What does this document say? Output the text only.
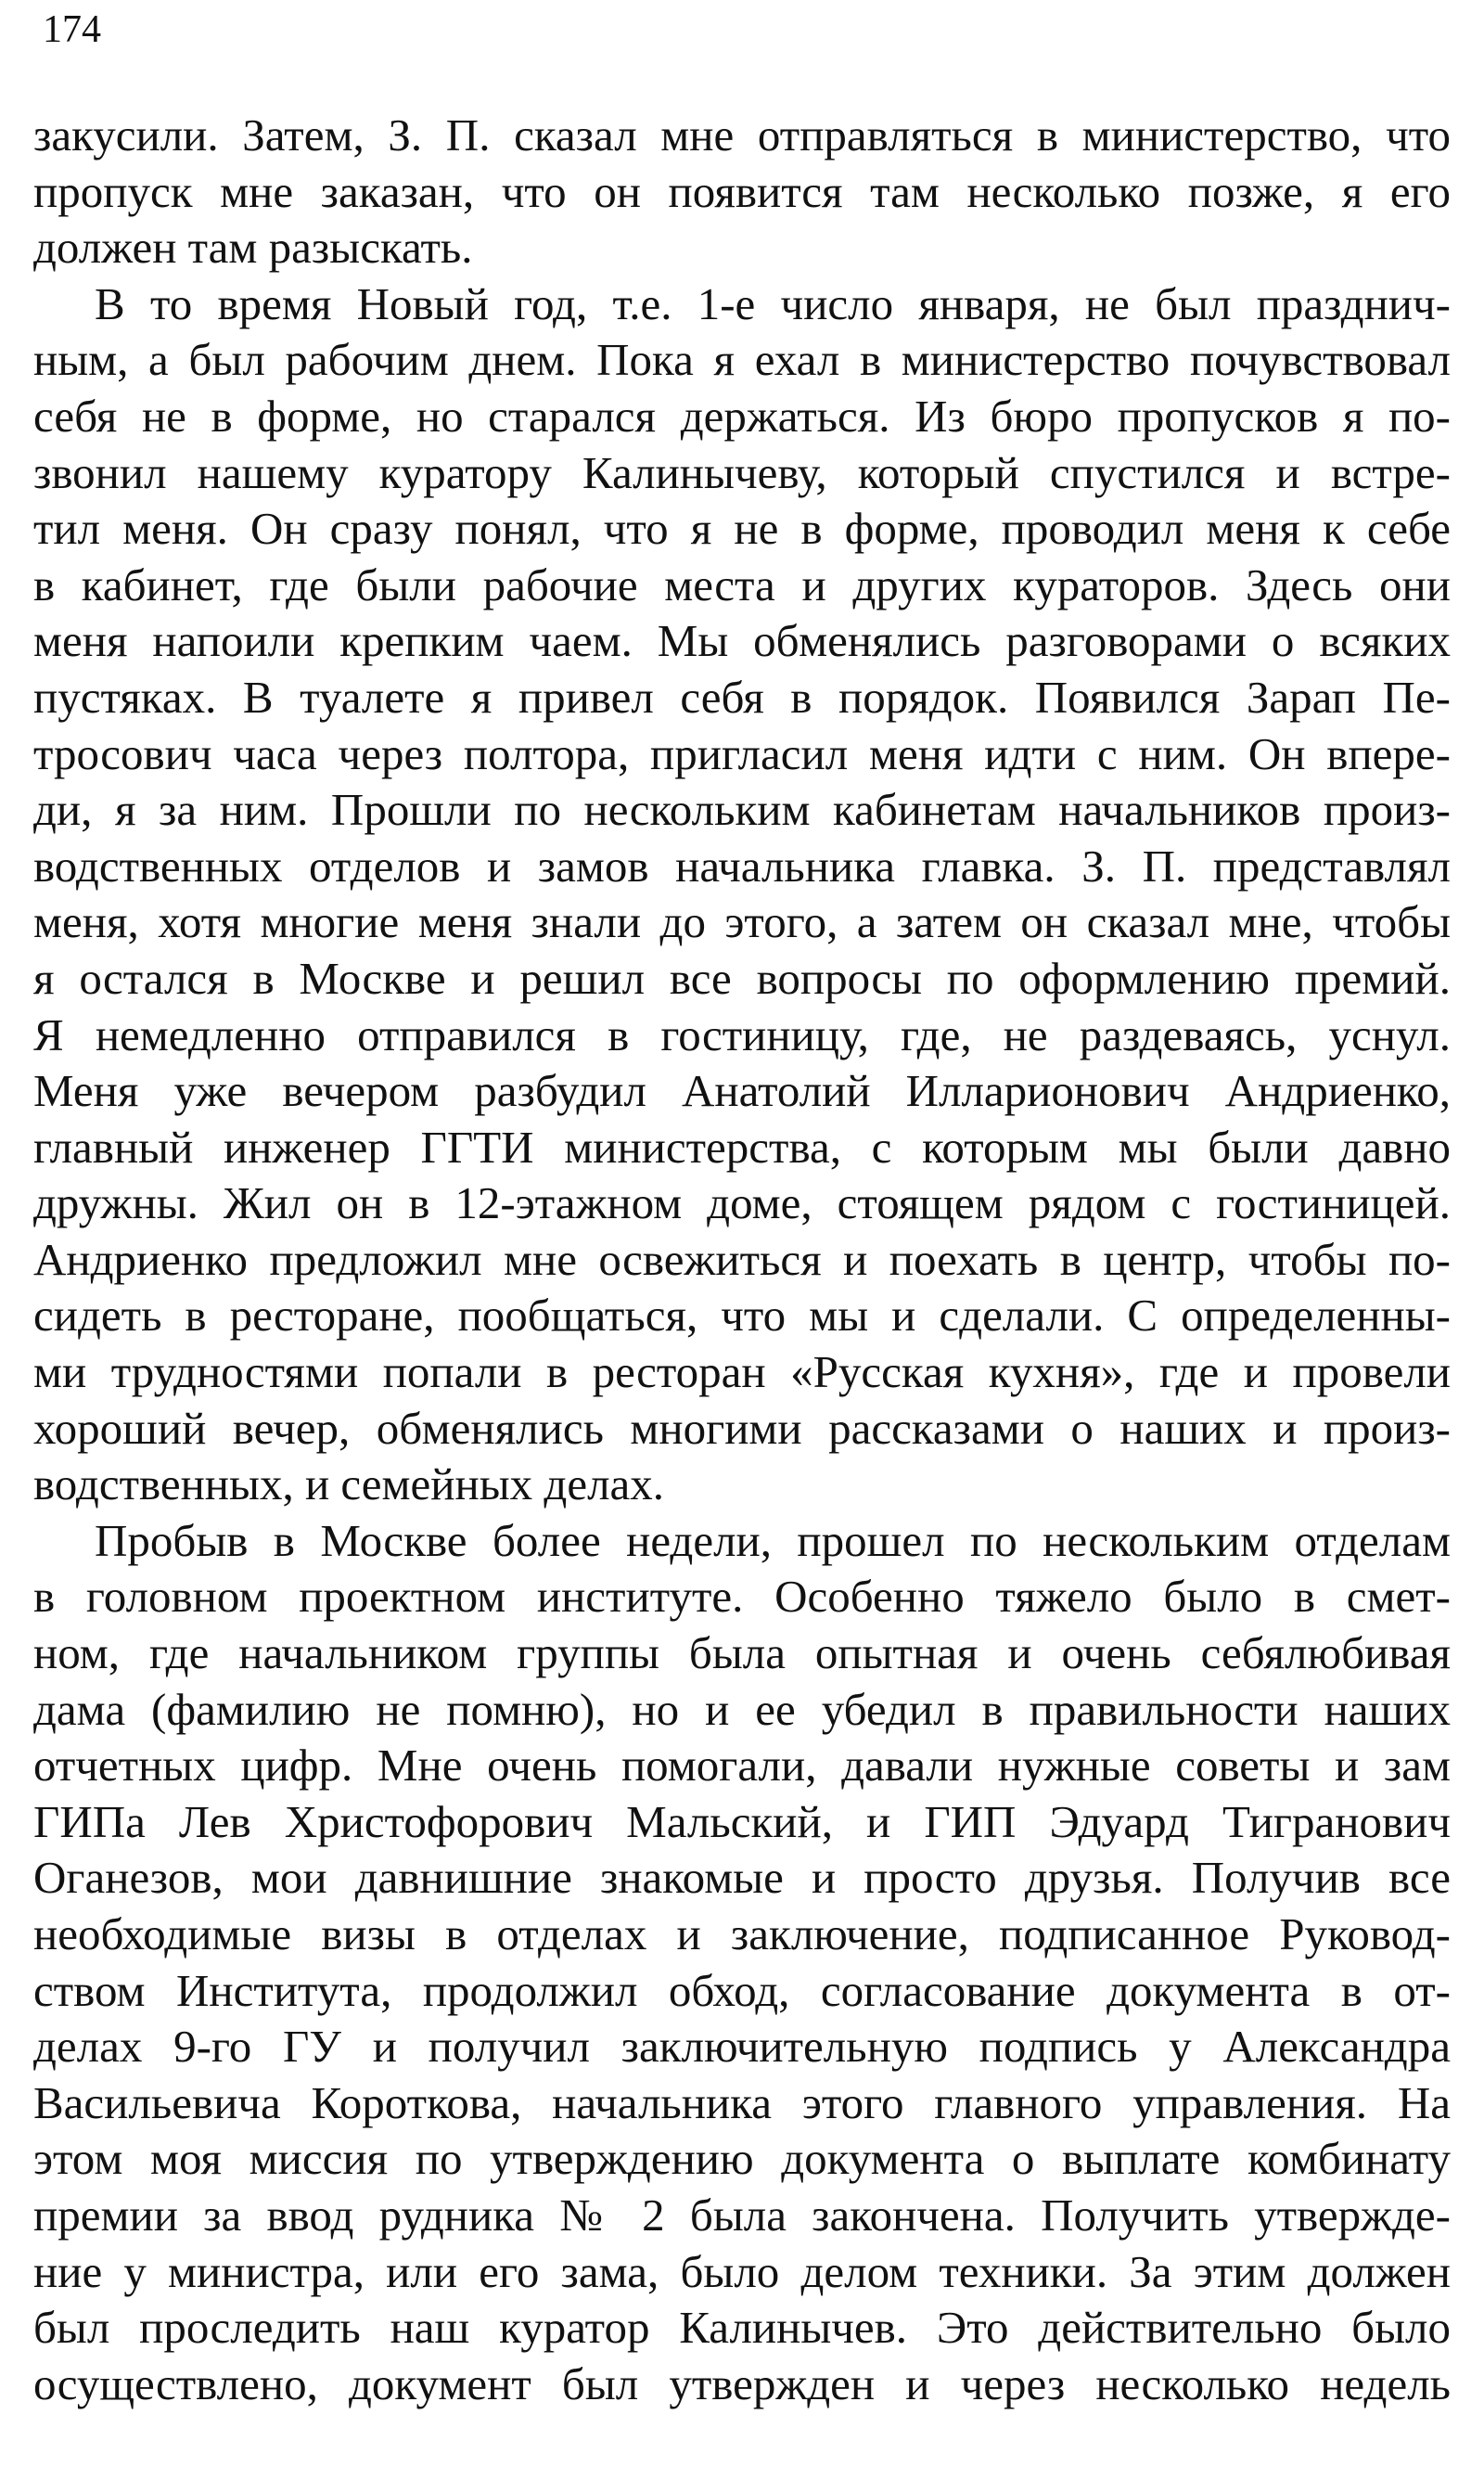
174
закусили. Затем, З. П. сказал мне отправляться в министерство, что
пропуск мне заказан, что он появится там несколько позже, я его
должен там разыскать.
В то время Новый год, т.е. 1-е число января, не был празднич-
ным, а был рабочим днем. Пока я ехал в министерство почувствовал
себя не в форме, но старался держаться. Из бюро пропусков я по-
звонил нашему куратору Калинычеву, который спустился и встре-
тил меня. Он сразу понял, что я не в форме, проводил меня к себе
в кабинет, где были рабочие места и других кураторов. Здесь они
меня напоили крепким чаем. Мы обменялись разговорами о всяких
пустяках. В туалете я привел себя в порядок. Появился Зарап Пе-
тросович часа через полтора, пригласил меня идти с ним. Он впере-
ди, я за ним. Прошли по нескольким кабинетам начальников произ-
водственных отделов и замов начальника главка. З. П. представлял
меня, хотя многие меня знали до этого, а затем он сказал мне, чтобы
я остался в Москве и решил все вопросы по оформлению премий.
Я немедленно отправился в гостиницу, где, не раздеваясь, уснул.
Меня уже вечером разбудил Анатолий Илларионович Андриенко,
главный инженер ГГТИ министерства, с которым мы были давно
дружны. Жил он в 12-этажном доме, стоящем рядом с гостиницей.
Андриенко предложил мне освежиться и поехать в центр, чтобы по-
сидеть в ресторане, пообщаться, что мы и сделали. С определенны-
ми трудностями попали в ресторан «Русская кухня», где и провели
хороший вечер, обменялись многими рассказами о наших и произ-
водственных, и семейных делах.
Пробыв в Москве более недели, прошел по нескольким отделам
в головном проектном институте. Особенно тяжело было в смет-
ном, где начальником группы была опытная и очень себялюбивая
дама (фамилию не помню), но и ее убедил в правильности наших
отчетных цифр. Мне очень помогали, давали нужные советы и зам
ГИПа Лев Христофорович Мальский, и ГИП Эдуард Тигранович
Оганезов, мои давнишние знакомые и просто друзья. Получив все
необходимые визы в отделах и заключение, подписанное Руковод-
ством Института, продолжил обход, согласование документа в от-
делах 9-го ГУ и получил заключительную подпись у Александра
Васильевича Короткова, начальника этого главного управления. На
этом моя миссия по утверждению документа о выплате комбинату
премии за ввод рудника № 2 была закончена. Получить утвержде-
ние у министра, или его зама, было делом техники. За этим должен
был проследить наш куратор Калинычев. Это действительно было
осуществлено, документ был утвержден и через несколько недель
